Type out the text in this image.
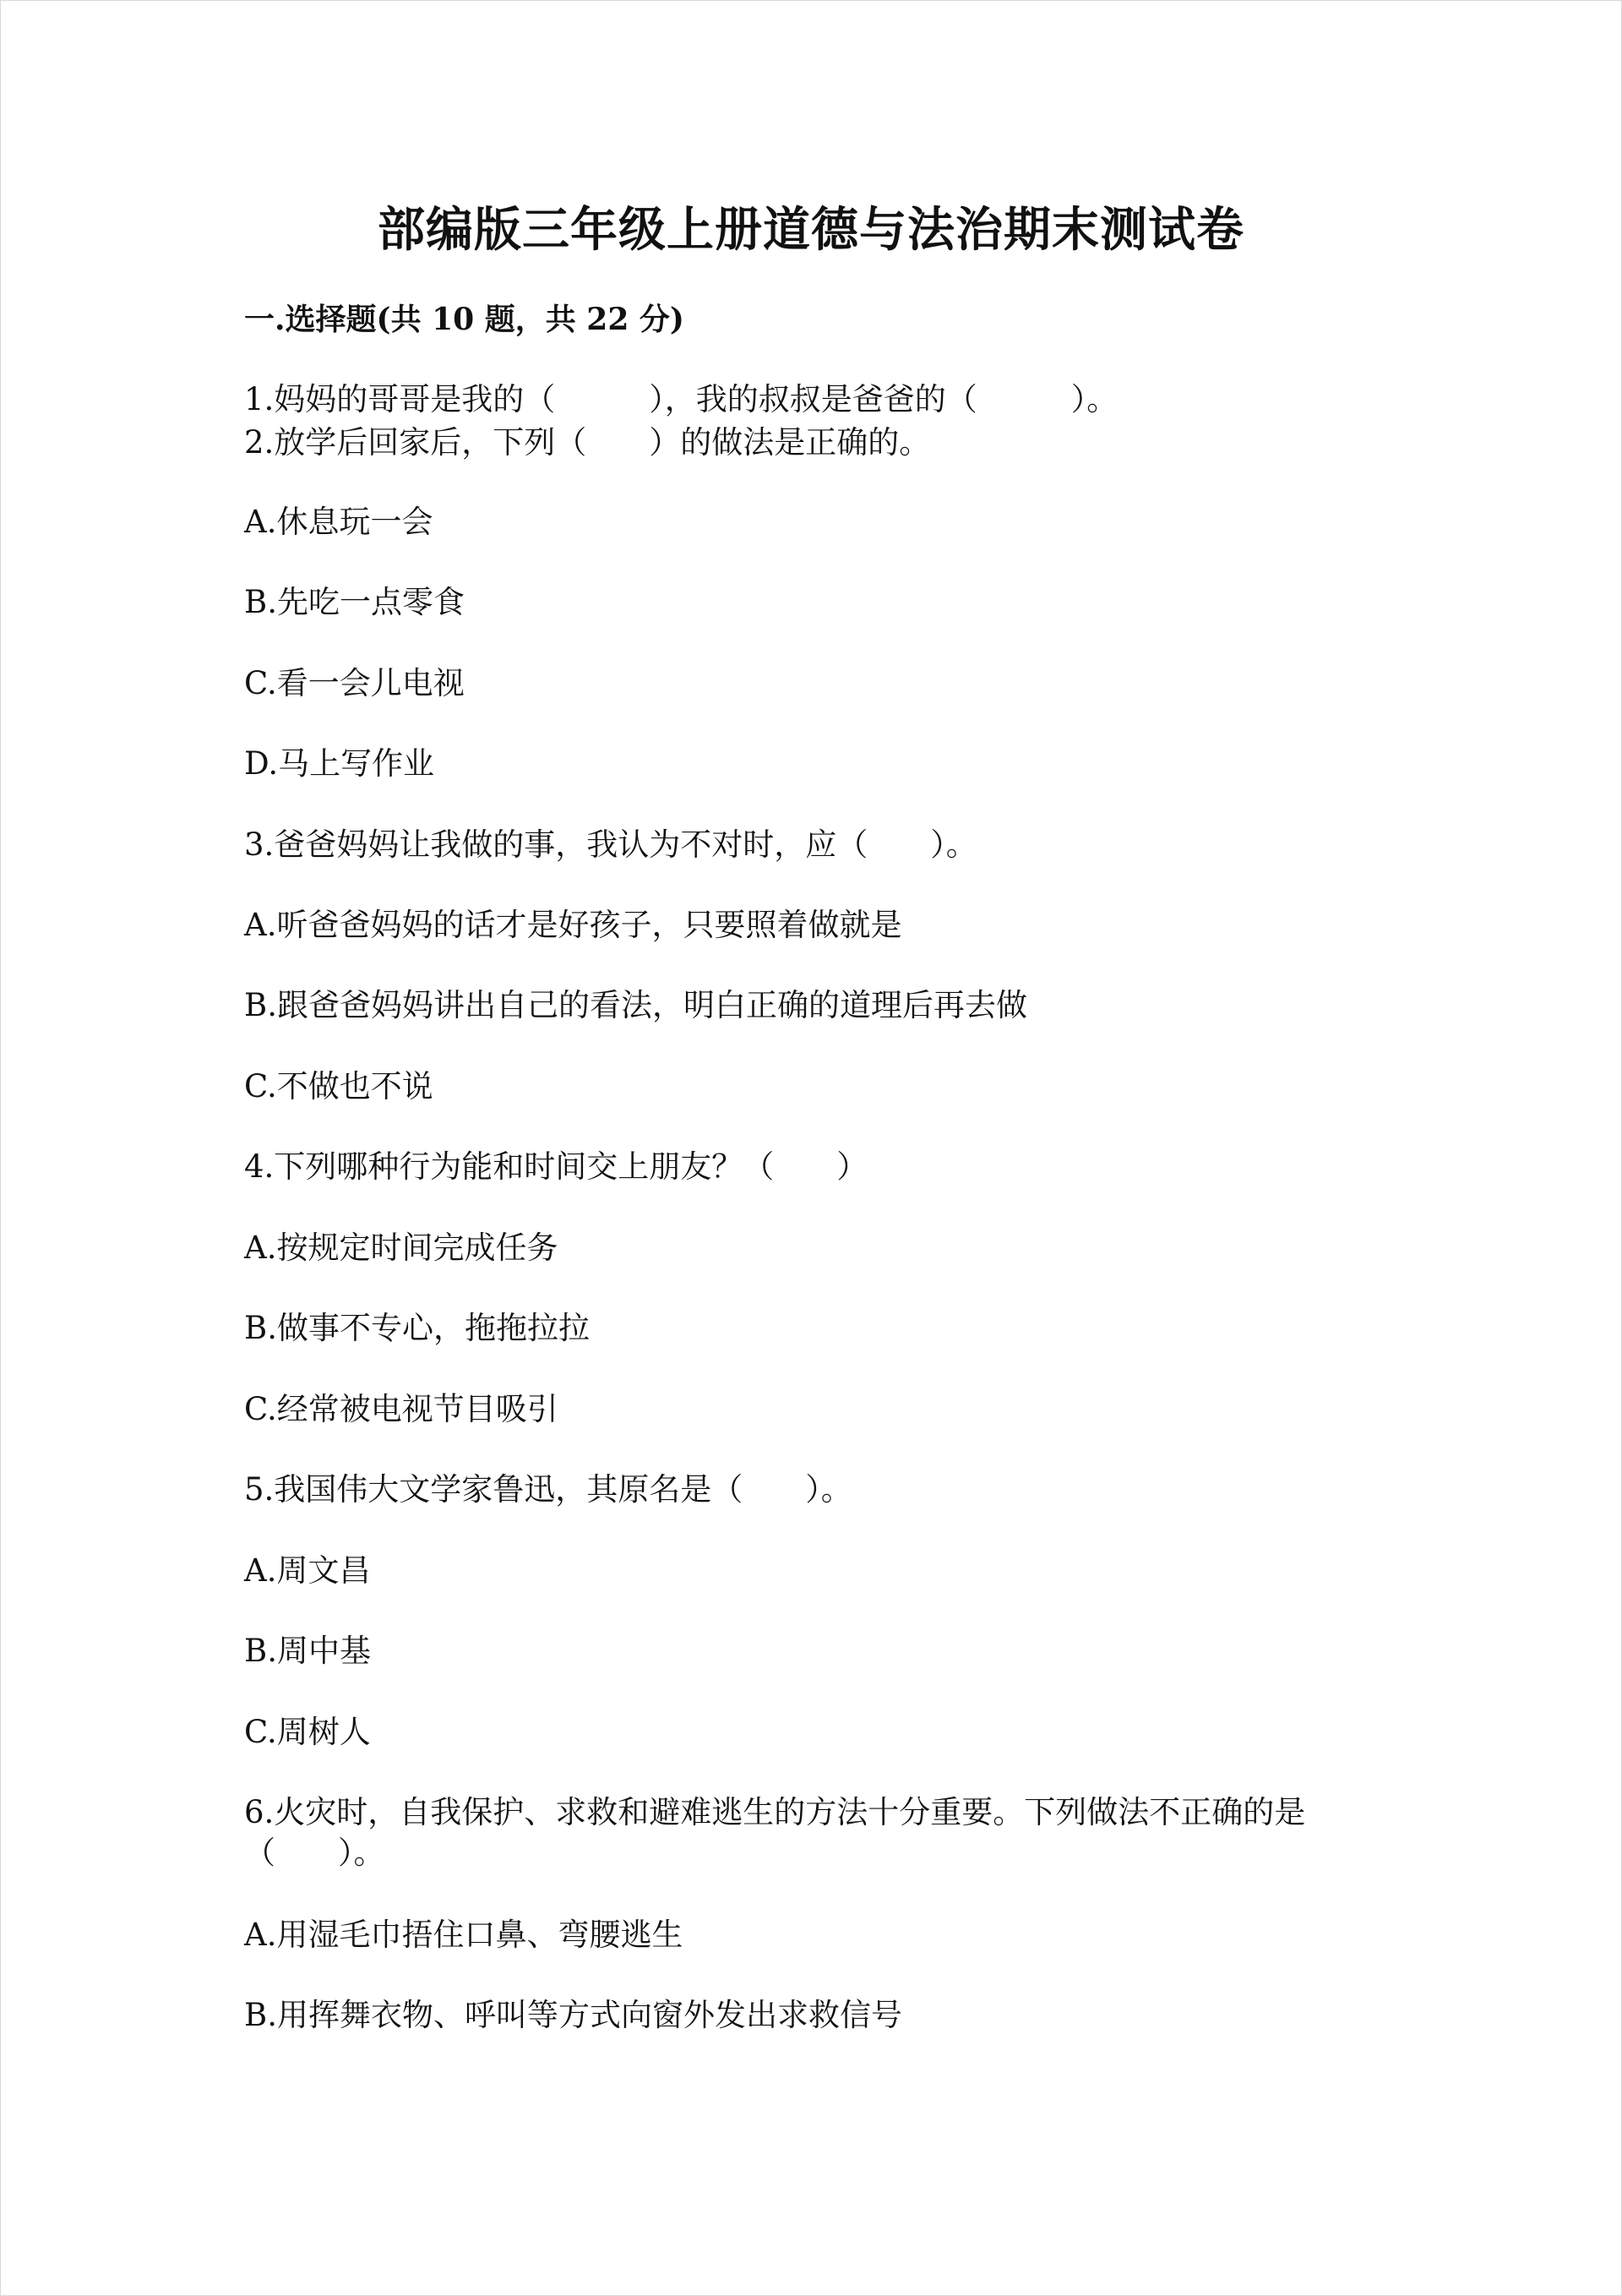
部编版三年级上册道德与法治期末测试卷
一.选择题(共 10 题，共 22 分)
1.妈妈的哥哥是我的（　　　），我的叔叔是爸爸的（　　　）。
2.放学后回家后，下列（　　）的做法是正确的。
A.休息玩一会
B.先吃一点零食
C.看一会儿电视
D.马上写作业
3.爸爸妈妈让我做的事，我认为不对时，应（　　）。
A.听爸爸妈妈的话才是好孩子，只要照着做就是
B.跟爸爸妈妈讲出自己的看法，明白正确的道理后再去做
C.不做也不说
4.下列哪种行为能和时间交上朋友？（　　）
A.按规定时间完成任务
B.做事不专心，拖拖拉拉
C.经常被电视节目吸引
5.我国伟大文学家鲁迅，其原名是（　　）。
A.周文昌
B.周中基
C.周树人
6.火灾时，自我保护、求救和避难逃生的方法十分重要。下列做法不正确的是
（　　）。
A.用湿毛巾捂住口鼻、弯腰逃生
B.用挥舞衣物、呼叫等方式向窗外发出求救信号
